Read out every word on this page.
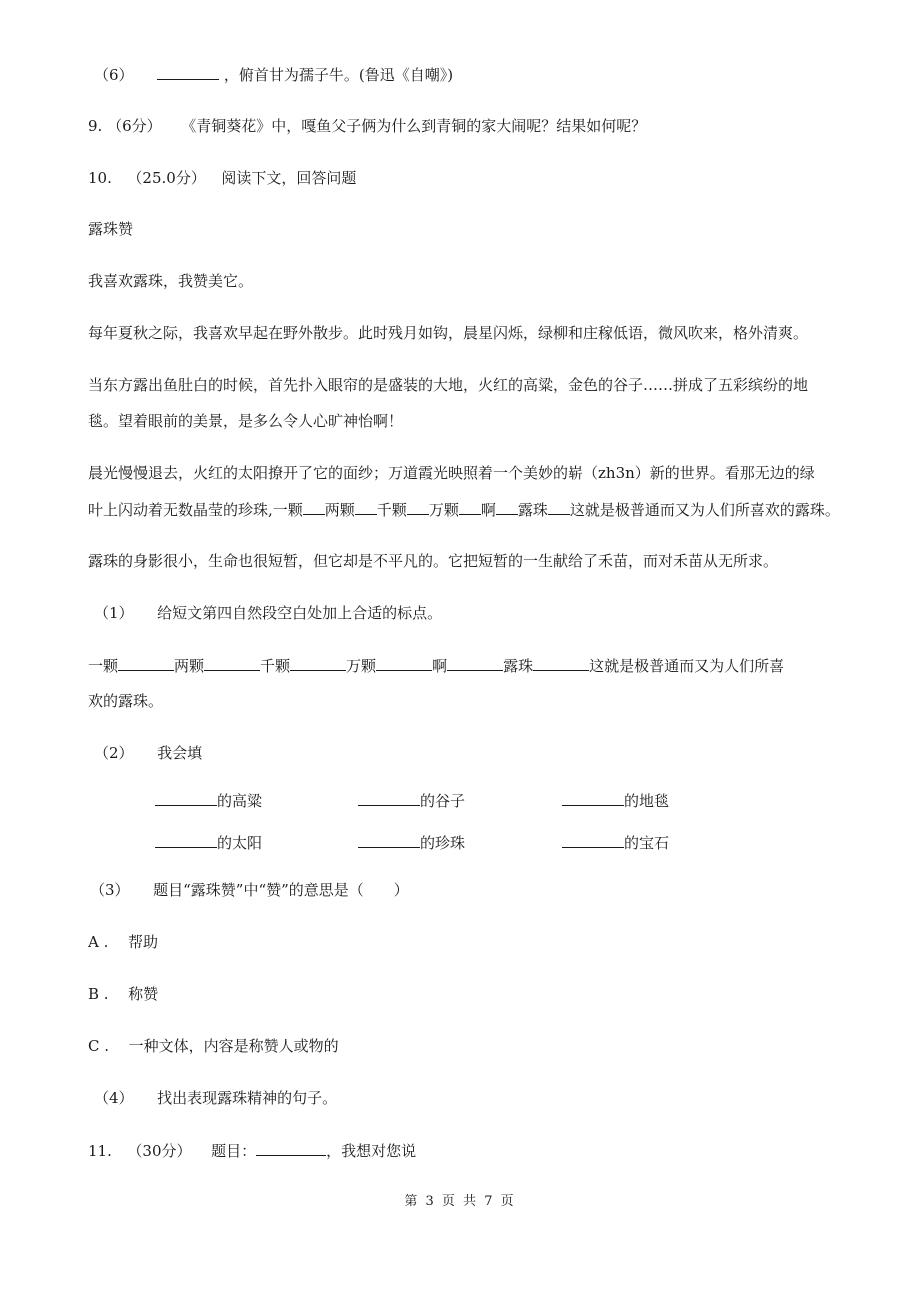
（6）	，俯首甘为孺子牛。(鲁迅《自嘲》)
9. （6分） 《青铜葵花》中，嘎鱼父子俩为什么到青铜的家大闹呢？结果如何呢？
10. （25.0分） 阅读下文，回答问题
露珠赞
我喜欢露珠，我赞美它。
每年夏秋之际，我喜欢早起在野外散步。此时残月如钩，晨星闪烁，绿柳和庄稼低语，微风吹来，格外清爽。
当东方露出鱼肚白的时候，首先扑入眼帘的是盛装的大地，火红的高粱，金色的谷子……拼成了五彩缤纷的地
毯。望着眼前的美景，是多么令人心旷神怡啊！
晨光慢慢退去，火红的太阳撩开了它的面纱；万道霞光映照着一个美妙的崭（zh3n）新的世界。看那无边的绿
叶上闪动着无数晶莹的珍珠,一颗 两颗 千颗 万颗 啊 露珠 这就是极普通而又为人们所喜欢的露珠。
露珠的身影很小，生命也很短暂，但它却是不平凡的。它把短暂的一生献给了禾苗，而对禾苗从无所求。
（1） 给短文第四自然段空白处加上合适的标点。
一颗	两颗	千颗	万颗	啊	露珠	这就是极普通而又为人们所喜
欢的露珠。
（2） 我会填
的高粱	的谷子	的地毯
的太阳	的珍珠	的宝石
（3） 题目“露珠赞”中“赞”的意思是（　　）
A . 帮助
B . 称赞
C . 一种文体，内容是称赞人或物的
（4） 找出表现露珠精神的句子。
11. （30分） 题目：	，我想对您说
第 3 页 共 7 页
